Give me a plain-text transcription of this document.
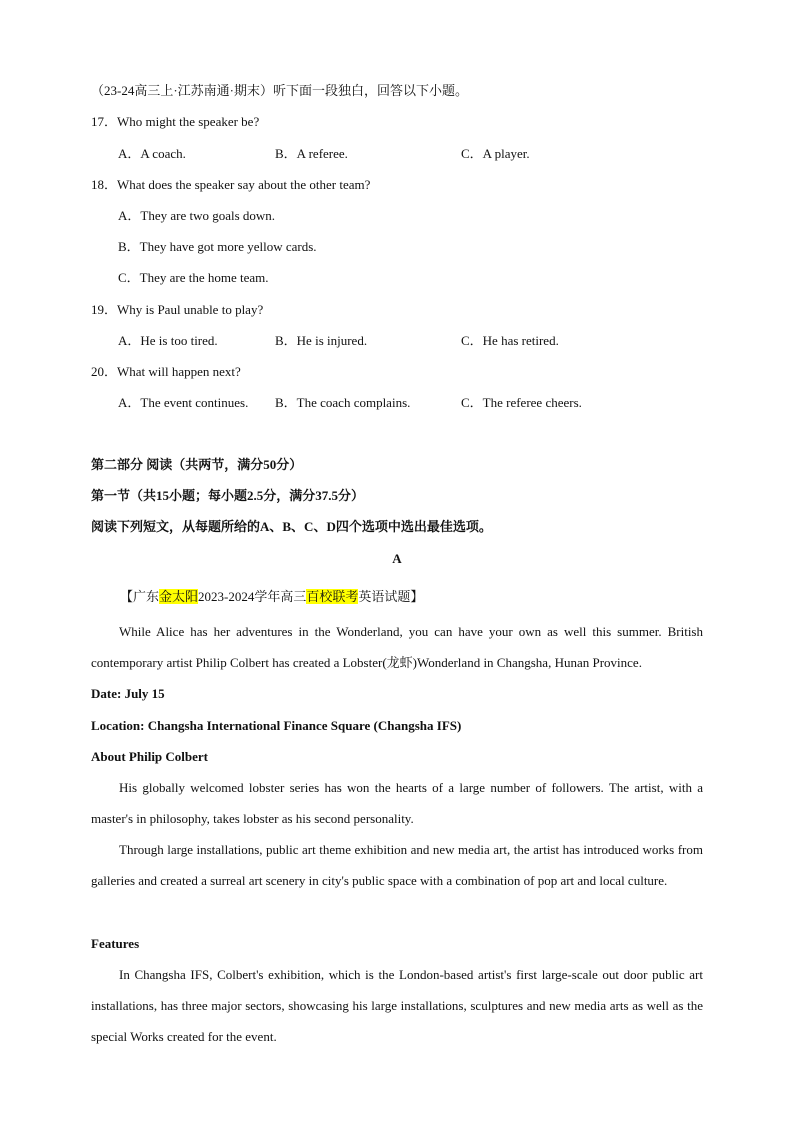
（23-24高三上·江苏南通·期末）听下面一段独白，回答以下小题。
17．Who might the speaker be?
A．A coach.	B．A referee.	C．A player.
18．What does the speaker say about the other team?
A．They are two goals down.
B．They have got more yellow cards.
C．They are the home team.
19．Why is Paul unable to play?
A．He is too tired.	B．He is injured.	C．He has retired.
20．What will happen next?
A．The event continues. B．The coach complains.	C．The referee cheers.
第二部分 阅读（共两节，满分50分）
第一节（共15小题；每小题2.5分，满分37.5分）
阅读下列短文，从每题所给的A、B、C、D四个选项中选出最佳选项。
A
【广东金太阳2023-2024学年高三百校联考英语试题】
While Alice has her adventures in the Wonderland, you can have your own as well this summer. British contemporary artist Philip Colbert has created a Lobster(龙虾)Wonderland in Changsha, Hunan Province.
Date: July 15
Location: Changsha International Finance Square (Changsha IFS)
About Philip Colbert
His globally welcomed lobster series has won the hearts of a large number of followers. The artist, with a master's in philosophy, takes lobster as his second personality.
Through large installations, public art theme exhibition and new media art, the artist has introduced works from galleries and created a surreal art scenery in city's public space with a combination of pop art and local culture.
Features
In Changsha IFS, Colbert's exhibition, which is the London-based artist's first large-scale out door public art installations, has three major sectors, showcasing his large installations, sculptures and new media arts as well as the special Works created for the event.
